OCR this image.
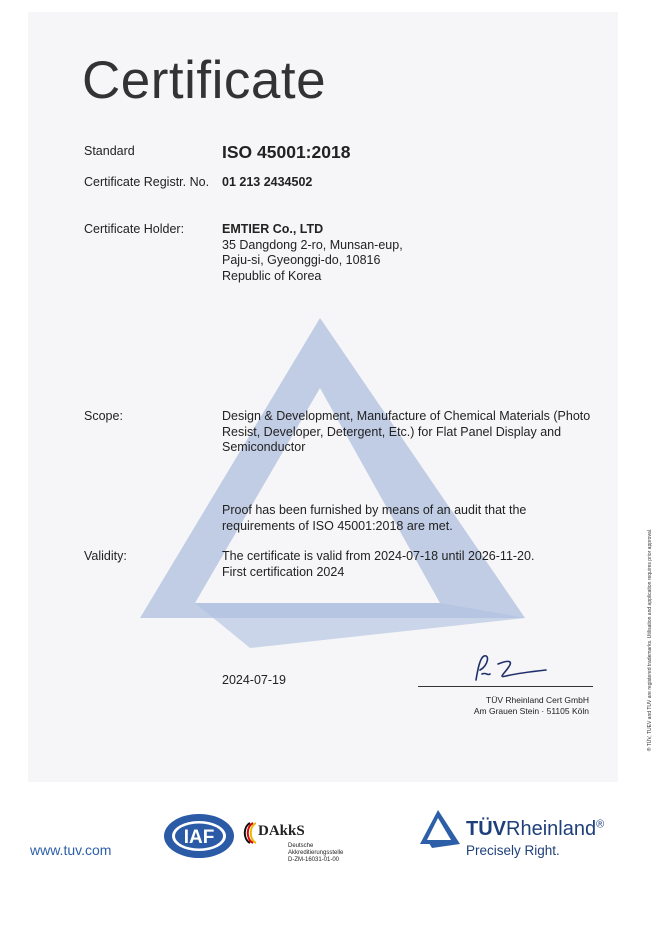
Certificate
Standard	ISO 45001:2018
Certificate Registr. No. 01 213 2434502
Certificate Holder:	EMTIER Co., LTD
35 Dangdong 2-ro, Munsan-eup,
Paju-si, Gyeonggi-do, 10816
Republic of Korea
Scope:	Design & Development, Manufacture of Chemical Materials (Photo
Resist, Developer, Detergent, Etc.) for Flat Panel Display and
Semiconductor
Proof has been furnished by means of an audit that the
requirements of ISO 45001:2018 are met.
Validity:	The certificate is valid from 2024-07-18 until 2026-11-20.
First certification 2024
2024-07-19
TÜV Rheinland Cert GmbH
Am Grauen Stein · 51105 Köln	® TÜV, TUEV and TUV are registered trademarks. Utilisation and application requires prior approval.
www.tuv.com
IAF	DAkkS
Deutsche
Akkreditierungsstelle
D-ZM-16031-01-00
TÜVRheinland®
Precisely Right.
